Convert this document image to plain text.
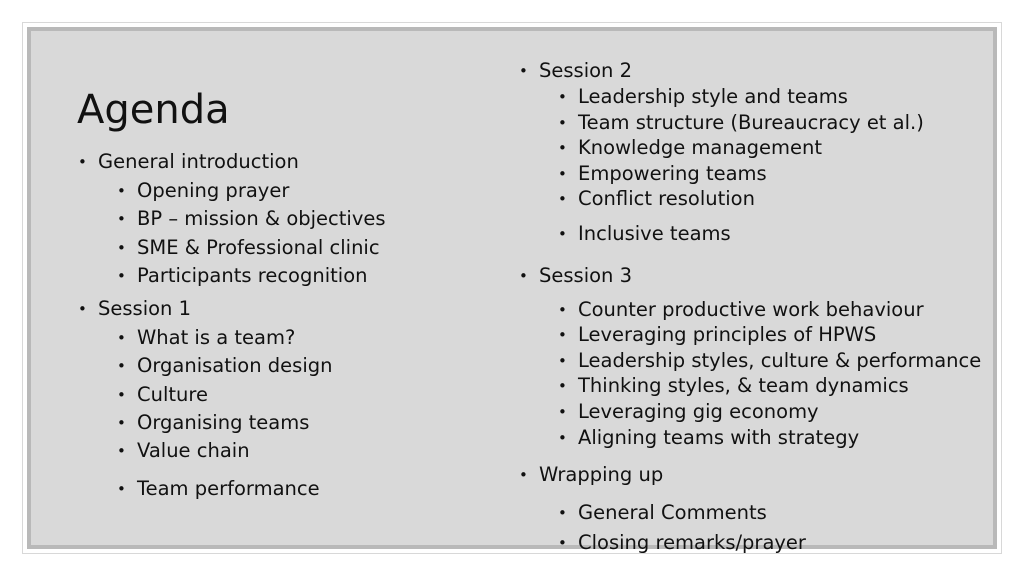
Agenda
• General introduction
• Opening prayer
• BP – mission & objectives
• SME & Professional clinic
• Participants recognition
• Session 1
• What is a team?
• Organisation design
• Culture
• Organising teams
• Value chain
• Team performance
• Session 2
• Leadership style and teams
• Team structure (Bureaucracy et al.)
• Knowledge management
• Empowering teams
• Conflict resolution
• Inclusive teams
• Session 3
• Counter productive work behaviour
• Leveraging principles of HPWS
• Leadership styles, culture & performance
• Thinking styles, & team dynamics
• Leveraging gig economy
• Aligning teams with strategy
• Wrapping up
• General Comments
• Closing remarks/prayer
